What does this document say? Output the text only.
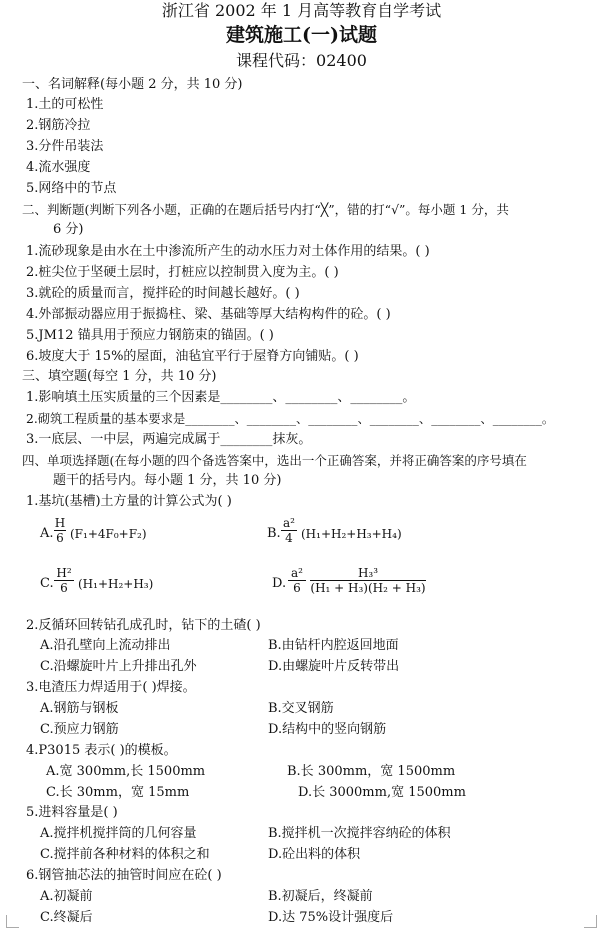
浙江省 2002 年 1 月高等教育自学考试
建筑施工(一)试题
课程代码：02400
一、名词解释(每小题 2 分，共 10 分)
1.土的可松性
2.钢筋冷拉
3.分件吊装法
4.流水强度
5.网络中的节点
二、判断题(判断下列各小题，正确的在题后括号内打“╳”，错的打“√”。每小题 1 分，共
6 分)
1.流砂现象是由水在土中渗流所产生的动水压力对土体作用的结果。( )
2.桩尖位于坚硬土层时，打桩应以控制贯入度为主。( )
3.就砼的质量而言，搅拌砼的时间越长越好。( )
4.外部振动器应用于振捣柱、梁、基础等厚大结构构件的砼。( )
5.JM12 锚具用于预应力钢筋束的锚固。( )
6.坡度大于 15%的屋面，油毡宜平行于屋脊方向铺贴。( )
三、填空题(每空 1 分，共 10 分)
1.影响填土压实质量的三个因素是________、________、________。
2.砌筑工程质量的基本要求是________、________、________、________、________、________。
3.一底层、一中层，两遍完成属于________抹灰。
四、单项选择题(在每小题的四个备选答案中，选出一个正确答案，并将正确答案的序号填在
题干的括号内。每小题 1 分，共 10 分)
1.基坑(基槽)土方量的计算公式为( )
A. $\frac{H}{6} (F_1+4F_0+F_2)$	B. $\frac{\text{a²}}{4} (H_1+H_2+H_3+H_4)$
C. $\frac{\text{H²}}{6} (H_1+H_2+H_3)$	D. $\frac{\text{a²}}{6} \frac{\text{H₃³}}{\text{(H₁ + H₃)(H₂ + H₃)}}$
2.反循环回转钻孔成孔时，钻下的土碴( )
A.沿孔壁向上流动排出	B.由钻杆内腔返回地面
C.沿螺旋叶片上升排出孔外	D.由螺旋叶片反转带出
3.电渣压力焊适用于( )焊接。
A.钢筋与钢板	B.交叉钢筋
C.预应力钢筋	D.结构中的竖向钢筋
4.P3015 表示( )的模板。
A.宽 300mm,长 1500mm	B.长 300mm，宽 1500mm
C.长 30mm，宽 15mm	D.长 3000mm,宽 1500mm
5.进料容量是( )
A.搅拌机搅拌筒的几何容量	B.搅拌机一次搅拌容纳砼的体积
C.搅拌前各种材料的体积之和	D.砼出料的体积
6.钢管抽芯法的抽管时间应在砼( )
A.初凝前	B.初凝后，终凝前
C.终凝后	D.达 75%设计强度后
